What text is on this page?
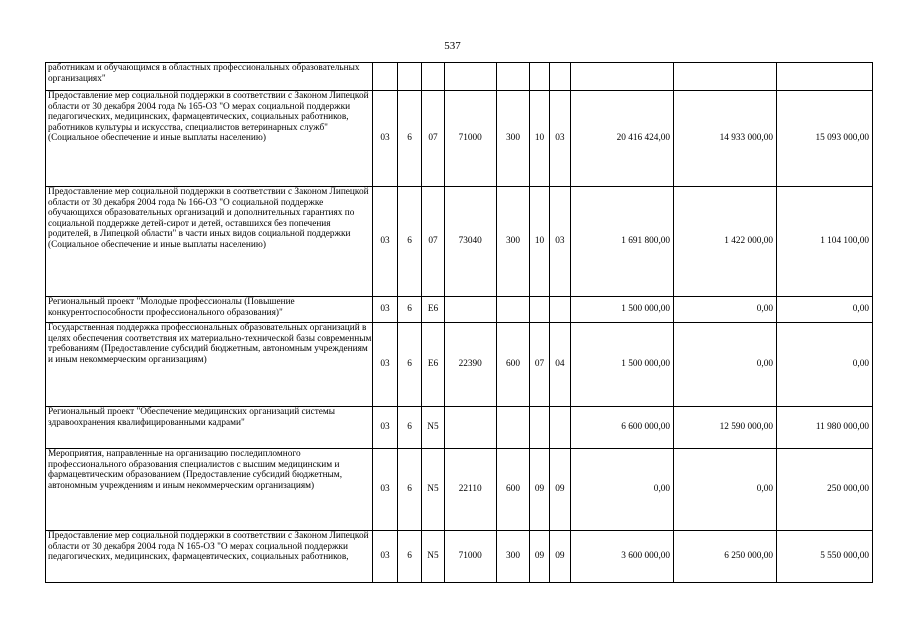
537
работникам и обучающимся в областных профессиональных образовательных организациях"										
Предоставление мер социальной поддержки в соответствии с Законом Липецкой области от 30 декабря 2004 года № 165-ОЗ "О мерах социальной поддержки педагогических, медицинских, фармацевтических, социальных работников, работников культуры и искусства, специалистов ветеринарных служб" (Социальное обеспечение и иные выплаты населению)	03	6	07	71000	300	10	03	20 416 424,00	14 933 000,00	15 093 000,00
Предоставление мер социальной поддержки в соответствии с Законом Липецкой области от 30 декабря 2004 года № 166-ОЗ "О социальной поддержке обучающихся образовательных организаций и дополнительных гарантиях по социальной поддержке детей-сирот и детей, оставшихся без попечения родителей, в Липецкой области" в части иных видов социальной поддержки (Социальное обеспечение и иные выплаты населению)	03	6	07	73040	300	10	03	1 691 800,00	1 422 000,00	1 104 100,00
Региональный проект "Молодые профессионалы (Повышение конкурентоспособности профессионального образования)"	03	6	E6					1 500 000,00	0,00	0,00
Государственная поддержка профессиональных образовательных организаций в целях обеспечения соответствия их материально-технической базы современным требованиям (Предоставление субсидий бюджетным, автономным учреждениям и иным некоммерческим организациям)	03	6	E6	22390	600	07	04	1 500 000,00	0,00	0,00
Региональный проект "Обеспечение медицинских организаций системы здравоохранения квалифицированными кадрами"	03	6	N5					6 600 000,00	12 590 000,00	11 980 000,00
Мероприятия, направленные на организацию последипломного профессионального образования специалистов с высшим медицинским и фармацевтическим образованием (Предоставление субсидий бюджетным, автономным учреждениям и иным некоммерческим организациям)	03	6	N5	22110	600	09	09	0,00	0,00	250 000,00
Предоставление мер социальной поддержки в соответствии с Законом Липецкой области от 30 декабря 2004 года N 165-ОЗ "О мерах социальной поддержки педагогических, медицинских, фармацевтических, социальных работников,	03	6	N5	71000	300	09	09	3 600 000,00	6 250 000,00	5 550 000,00
